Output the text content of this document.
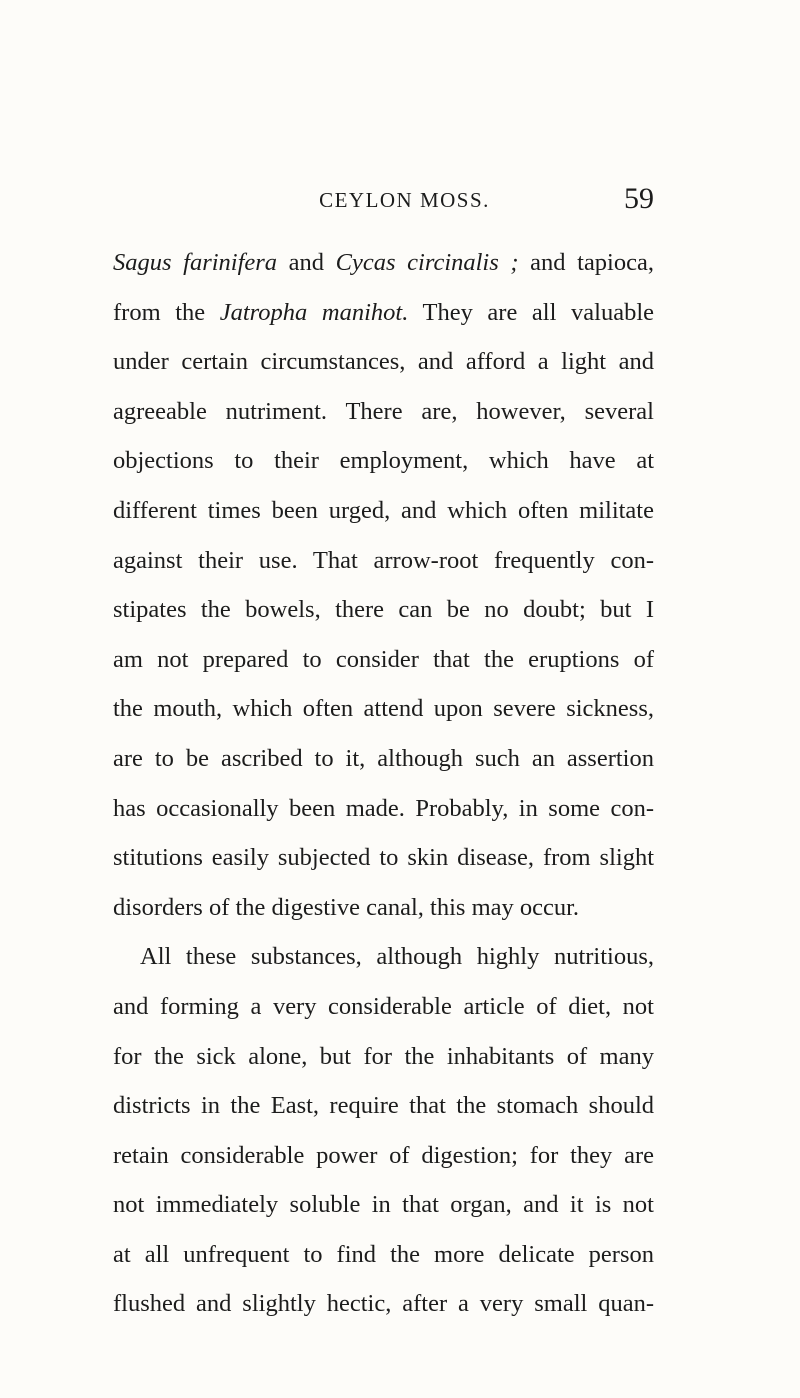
CEYLON MOSS.	59
Sagus farinifera and Cycas circinalis ; and tapioca,
from the Jatropha manihot. They are all valuable
under certain circumstances, and afford a light and
agreeable nutriment. There are, however, several
objections to their employment, which have at
different times been urged, and which often militate
against their use. That arrow-root frequently con-
stipates the bowels, there can be no doubt; but I
am not prepared to consider that the eruptions of
the mouth, which often attend upon severe sickness,
are to be ascribed to it, although such an assertion
has occasionally been made. Probably, in some con-
stitutions easily subjected to skin disease, from slight
disorders of the digestive canal, this may occur.
All these substances, although highly nutritious,
and forming a very considerable article of diet, not
for the sick alone, but for the inhabitants of many
districts in the East, require that the stomach should
retain considerable power of digestion; for they are
not immediately soluble in that organ, and it is not
at all unfrequent to find the more delicate person
flushed and slightly hectic, after a very small quan-
